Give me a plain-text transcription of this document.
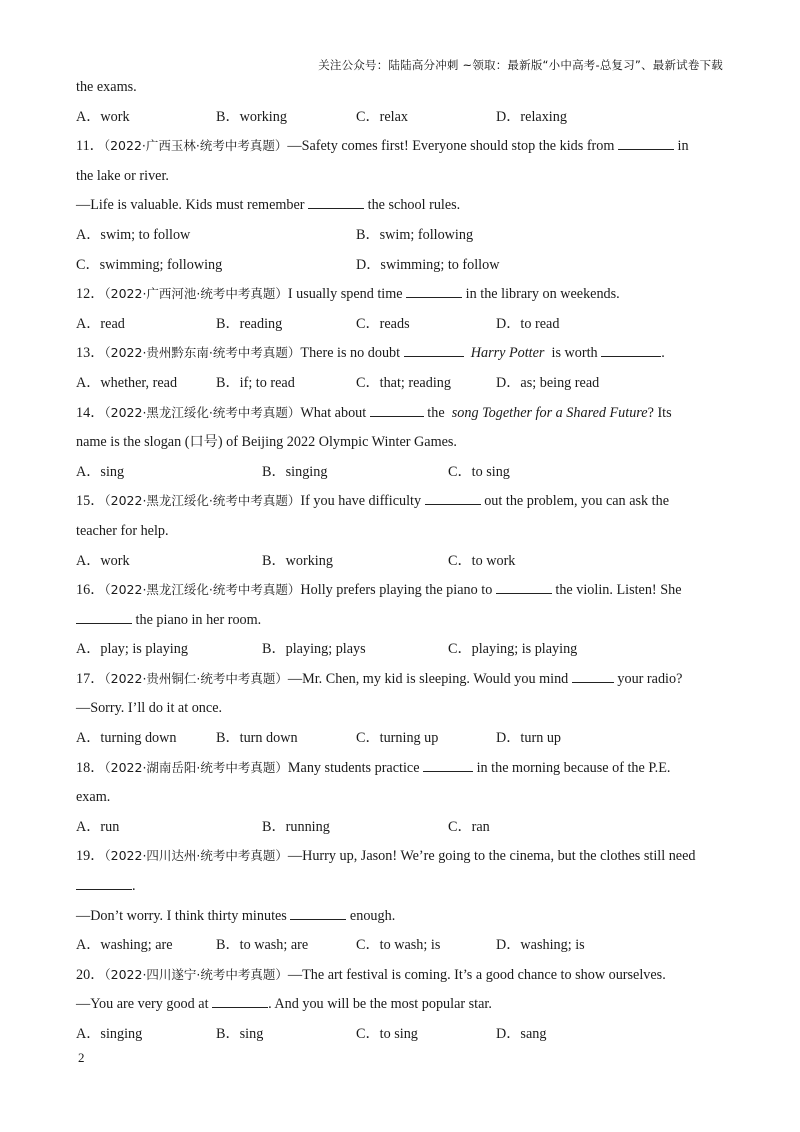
关注公众号：陆陆高分冲刺 ~领取：最新版“小中高考-总复习”、最新试卷下载
the exams.
A．work	B．working	C．relax	D．relaxing
11．（2022·广西玉林·统考中考真题）—Safety comes first! Everyone should stop the kids from	in
the lake or river.
—Life is valuable. Kids must remember	the school rules.
A．swim; to follow	B．swim; following
C．swimming; following	D．swimming; to follow
12．（2022·广西河池·统考中考真题）I usually spend time	in the library on weekends.
A．read	B．reading	C．reads	D．to read
13．（2022·贵州黔东南·统考中考真题）There is no doubt	Harry Potter is worth	.
A．whether, read	B．if; to read	C．that; reading	D．as; being read
14．（2022·黑龙江绥化·统考中考真题）What about	the song Together for a Shared Future? Its
name is the slogan (口号) of Beijing 2022 Olympic Winter Games.
A．sing	B．singing	C．to sing
15．（2022·黑龙江绥化·统考中考真题）If you have difficulty	out the problem, you can ask the
teacher for help.
A．work	B．working	C．to work
16．（2022·黑龙江绥化·统考中考真题）Holly prefers playing the piano to	the violin. Listen! She
the piano in her room.
A．play; is playing	B．playing; plays	C．playing; is playing
17．（2022·贵州铜仁·统考中考真题）—Mr. Chen, my kid is sleeping. Would you mind	your radio?
—Sorry. I’ll do it at once.
A．turning down	B．turn down	C．turning up	D．turn up
18．（2022·湖南岳阳·统考中考真题）Many students practice	in the morning because of the P.E.
exam.
A．run	B．running	C．ran
19．（2022·四川达州·统考中考真题）—Hurry up, Jason! We’re going to the cinema, but the clothes still need
.
—Don’t worry. I think thirty minutes	enough.
A．washing; are	B．to wash; are	C．to wash; is	D．washing; is
20．（2022·四川遂宁·统考中考真题）—The art festival is coming. It’s a good chance to show ourselves.
—You are very good at	. And you will be the most popular star.
A．singing	B．sing	C．to sing	D．sang
2
